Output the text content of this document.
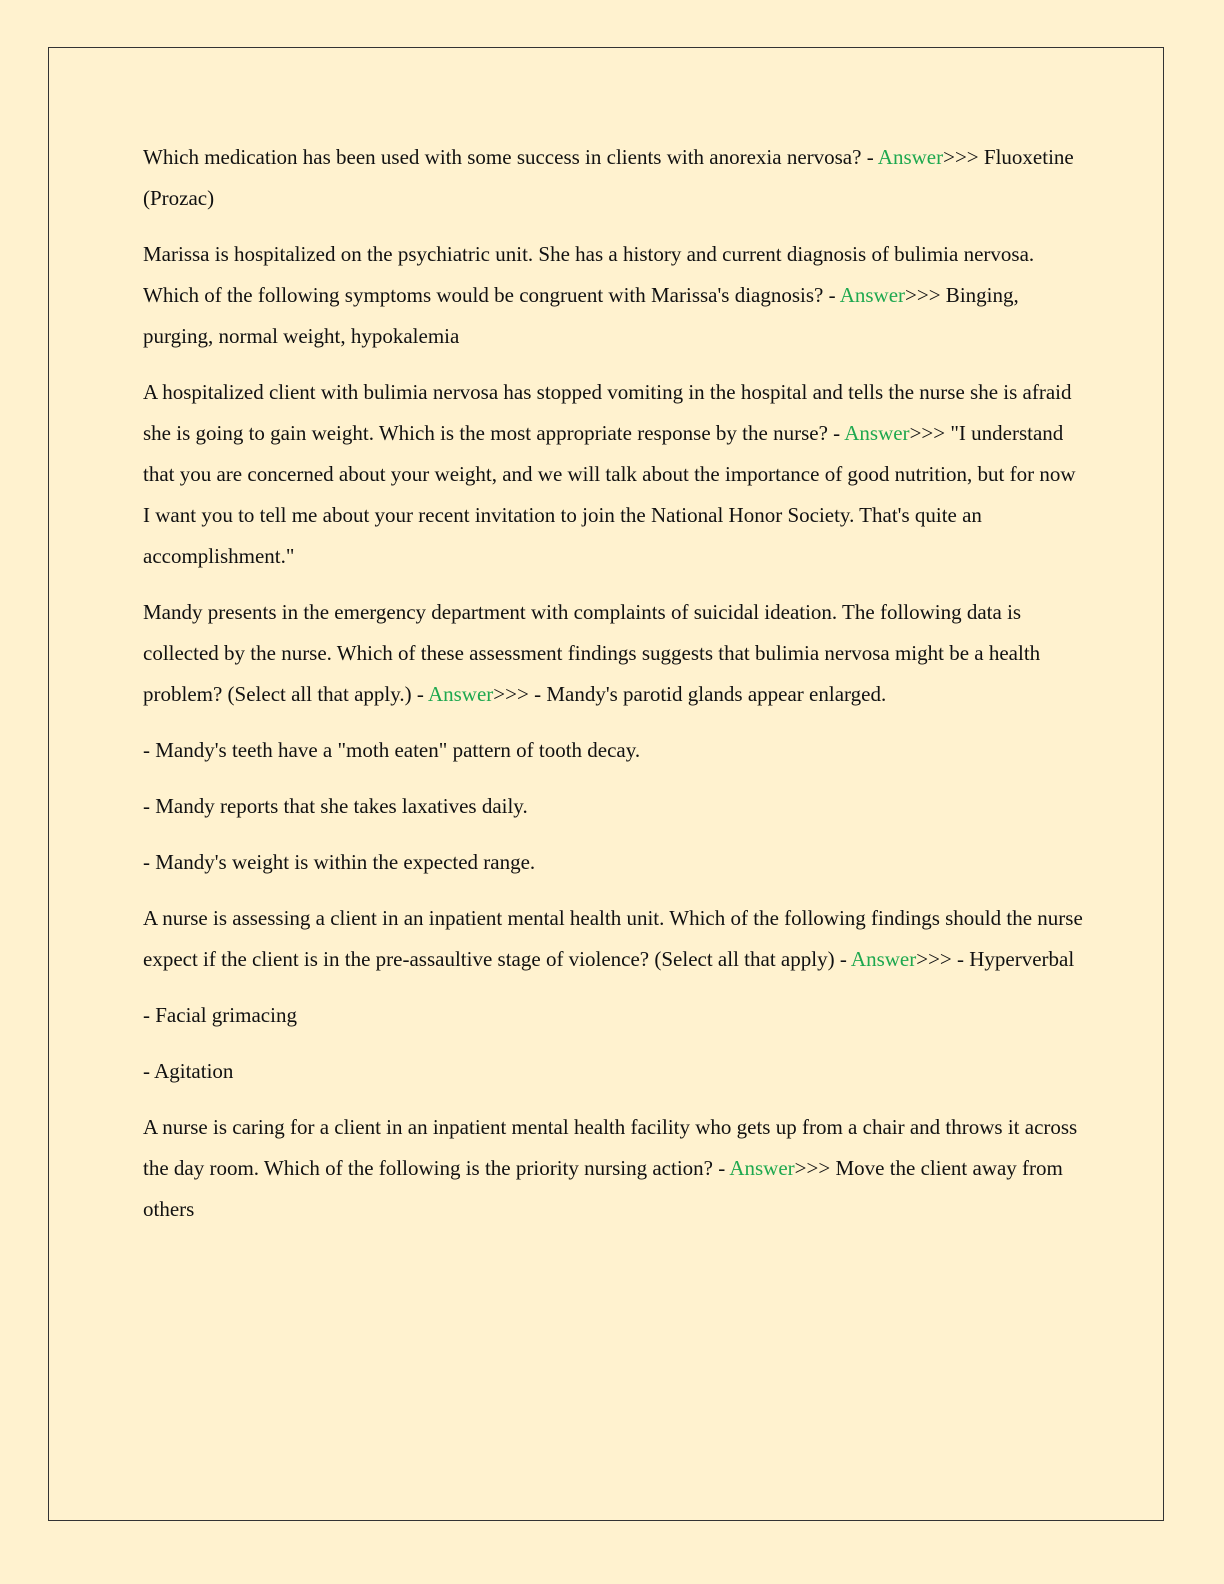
Which medication has been used with some success in clients with anorexia nervosa? - Answer>>> Fluoxetine (Prozac)

Marissa is hospitalized on the psychiatric unit. She has a history and current diagnosis of bulimia nervosa. Which of the following symptoms would be congruent with Marissa's diagnosis? - Answer>>> Binging, purging, normal weight, hypokalemia

A hospitalized client with bulimia nervosa has stopped vomiting in the hospital and tells the nurse she is afraid she is going to gain weight. Which is the most appropriate response by the nurse? - Answer>>> "I understand that you are concerned about your weight, and we will talk about the importance of good nutrition, but for now I want you to tell me about your recent invitation to join the National Honor Society. That's quite an accomplishment."

Mandy presents in the emergency department with complaints of suicidal ideation. The following data is collected by the nurse. Which of these assessment findings suggests that bulimia nervosa might be a health problem? (Select all that apply.) - Answer>>> - Mandy's parotid glands appear enlarged.

- Mandy's teeth have a "moth eaten" pattern of tooth decay.

- Mandy reports that she takes laxatives daily.

- Mandy's weight is within the expected range.

A nurse is assessing a client in an inpatient mental health unit. Which of the following findings should the nurse expect if the client is in the pre-assaultive stage of violence? (Select all that apply) - Answer>>> - Hyperverbal

- Facial grimacing

- Agitation

A nurse is caring for a client in an inpatient mental health facility who gets up from a chair and throws it across the day room. Which of the following is the priority nursing action? - Answer>>> Move the client away from others
